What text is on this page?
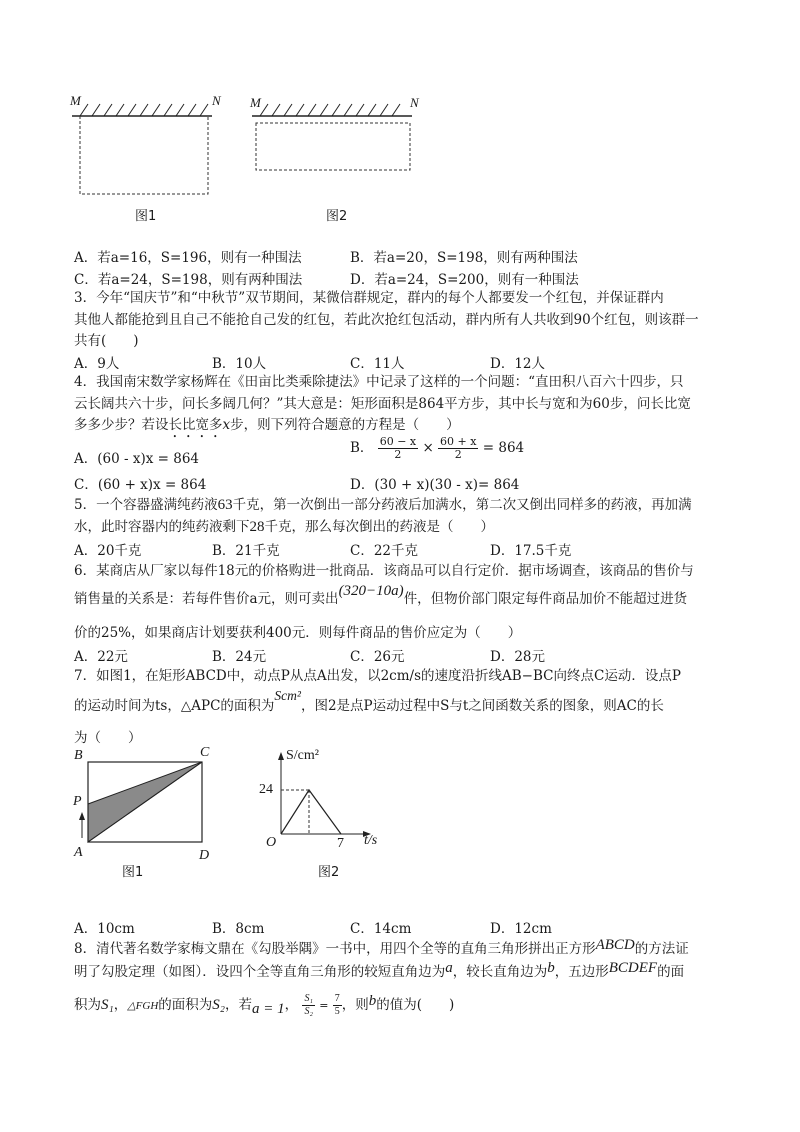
M	N M	N
图1	图2
A．若a=16，S=196，则有一种围法	B．若a=20，S=198，则有两种围法
C．若a=24，S=198，则有两种围法	D．若a=24，S=200，则有一种围法
3．今年“国庆节”和“中秋节”双节期间，某微信群规定，群内的每个人都要发一个红包，并保证群内
其他人都能抢到且自己不能抢自己发的红包，若此次抢红包活动，群内所有人共收到90个红包，则该群一
共有(　　)
A．9人	B．10人	C．11人	D．12人
4．我国南宋数学家杨辉在《田亩比类乘除捷法》中记录了这样的一个问题：“直田积八百六十四步，只
云长阔共六十步，问长多阔几何？”其大意是：矩形面积是864平方步，其中长与宽和为60步，问长比宽
多多少步？若设长比宽多x步，则下列符合题意的方程是（　　）
A．(60 - x)x = 864
B． $\frac{60 - x}{2} \times \frac{60 + x}{2} = 864$
C．(60 + x)x = 864	D．(30 + x)(30 - x)= 864
5．一个容器盛满纯药液63千克，第一次倒出一部分药液后加满水，第二次又倒出同样多的药液，再加满
水，此时容器内的纯药液剩下28千克，那么每次倒出的药液是（　　）
A．20千克	B．21千克	C．22千克	D．17.5千克
6．某商店从厂家以每件18元的价格购进一批商品．该商品可以自行定价．据市场调查，该商品的售价与
销售量的关系是：若每件售价a元，则可卖出(320−10a)件，但物价部门限定每件商品加价不能超过进货
价的25%，如果商店计划要获利400元．则每件商品的售价应定为（　　）
A．22元	B．24元	C．26元	D．28元
7．如图1，在矩形ABCD中，动点P从点A出发，以2cm/s的速度沿折线AB−BC向终点C运动．设点P
的运动时间为ts，△APC的面积为Scm²，图2是点P运动过程中S与t之间函数关系的图象，则AC的长
为（　　）
B	C
P
A	D
图1
S/cm²
24
O	7 t/s
图2
A．10cm	B．8cm	C．14cm	D．12cm
8．清代著名数学家梅文鼎在《勾股举隅》一书中，用四个全等的直角三角形拼出正方形ABCD的方法证
明了勾股定理（如图）．设四个全等直角三角形的较短直角边为a，较长直角边为b，五边形BCDEF的面
积为S₁，△FGH的面积为S₂，若a = 1， $\frac{\text{S₁}}{\text{S₂}} = \frac{7}{5}$ ，则b的值为(　　)
